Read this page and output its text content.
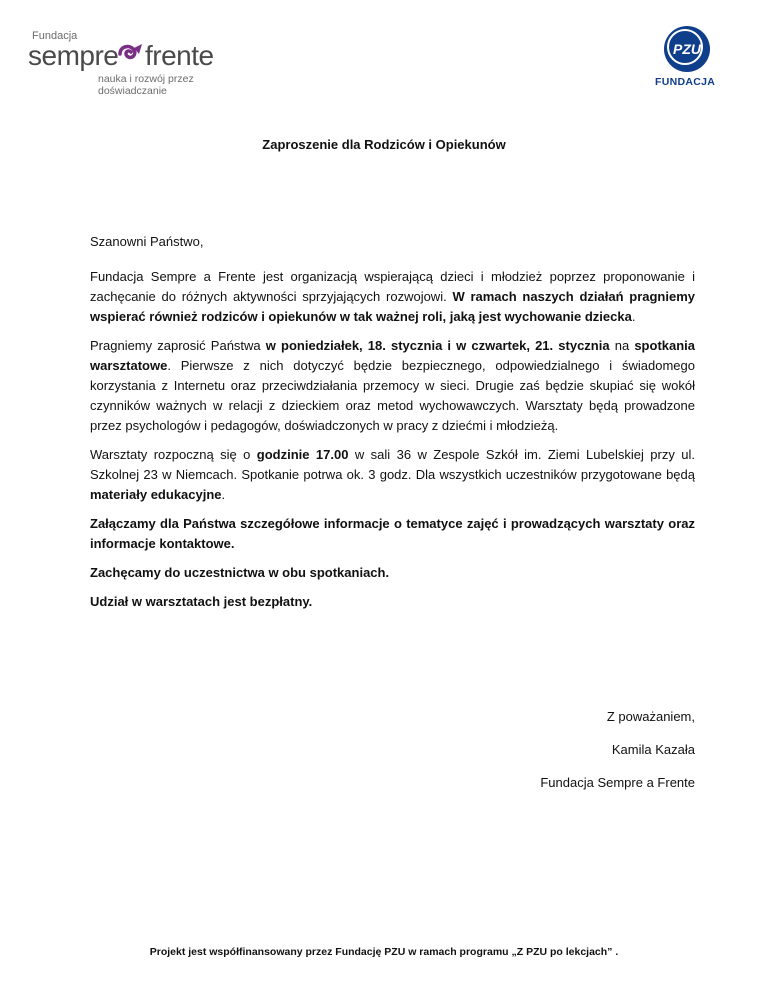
Fundacja
sempre frente
nauka i rozwój przez doświadczanie
PZU
FUNDACJA
Zaproszenie dla Rodziców i Opiekunów

Szanowni Państwo,

Fundacja Sempre a Frente jest organizacją wspierającą dzieci i młodzież poprzez proponowanie i zachęcanie do różnych aktywności sprzyjających rozwojowi. W ramach naszych działań pragniemy wspierać również rodziców i opiekunów w tak ważnej roli, jaką jest wychowanie dziecka.

Pragniemy zaprosić Państwa w poniedziałek, 18. stycznia i w czwartek, 21. stycznia na spotkania warsztatowe. Pierwsze z nich dotyczyć będzie bezpiecznego, odpowiedzialnego i świadomego korzystania z Internetu oraz przeciwdziałania przemocy w sieci. Drugie zaś będzie skupiać się wokół czynników ważnych w relacji z dzieckiem oraz metod wychowawczych. Warsztaty będą prowadzone przez psychologów i pedagogów, doświadczonych w pracy z dziećmi i młodzieżą.

Warsztaty rozpoczną się o godzinie 17.00 w sali 36 w Zespole Szkół im. Ziemi Lubelskiej przy ul. Szkolnej 23 w Niemcach. Spotkanie potrwa ok. 3 godz. Dla wszystkich uczestników przygotowane będą materiały edukacyjne.

Załączamy dla Państwa szczegółowe informacje o tematyce zajęć i prowadzących warsztaty oraz informacje kontaktowe.

Zachęcamy do uczestnictwa w obu spotkaniach.

Udział w warsztatach jest bezpłatny.

Z poważaniem,
Kamila Kazała
Fundacja Sempre a Frente
Projekt jest współfinansowany przez Fundację PZU w ramach programu „Z PZU po lekcjach” .
